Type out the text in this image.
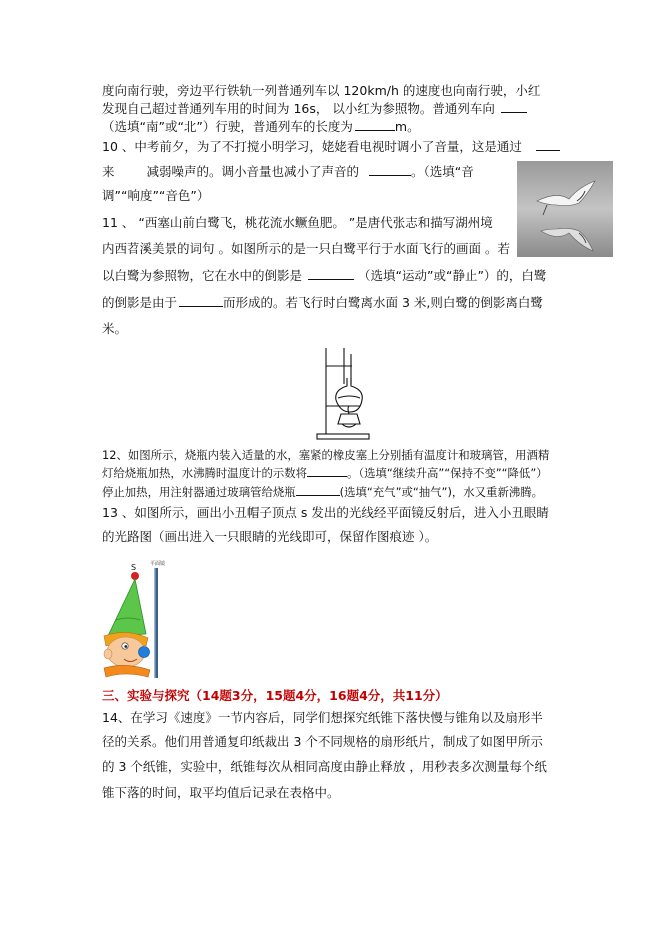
度向南行驶，旁边平行铁轨一列普通列车以 120km/h 的速度也向南行驶，小红
发现自己超过普通列车用的时间为 16s， 以小红为参照物。普通列车向
（选填“南”或“北”）行驶，普通列车的长度为	m。
10 、中考前夕，为了不打搅小明学习，姥姥看电视时调小了音量，这是通过
来	减弱噪声的。调小音量也减小了声音的	。（选填“音
调”“响度”“音色”）
11 、 “西塞山前白鹭飞，桃花流水鳜鱼肥。 ”是唐代张志和描写湖州境
内西苕溪美景的词句 。如图所示的是一只白鹭平行于水面飞行的画面 。若
以白鹭为参照物，它在水中的倒影是	（选填“运动”或“静止”）的，白鹭
的倒影是由于	而形成的。若飞行时白鹭离水面 3 米,则白鹭的倒影离白鹭
米。
12、如图所示，烧瓶内装入适量的水，塞紧的橡皮塞上分别插有温度计和玻璃管，用酒精
灯给烧瓶加热，水沸腾时温度计的示数将	。（选填“继续升高”“保持不变”“降低”）
停止加热，用注射器通过玻璃管给烧瓶	(选填“充气”或“抽气”)，水又重新沸腾。
13 、如图所示，画出小丑帽子顶点 s 发出的光线经平面镜反射后，进入小丑眼睛
的光路图（画出进入一只眼睛的光线即可，保留作图痕迹 ）。
S	平面镜
三、实验与探究（14题3分，15题4分，16题4分，共11分）
14、在学习《速度》一节内容后，同学们想探究纸锥下落快慢与锥角以及扇形半
径的关系。他们用普通复印纸裁出 3 个不同规格的扇形纸片，制成了如图甲所示
的 3 个纸锥，实验中，纸锥每次从相同高度由静止释放 ，用秒表多次测量每个纸
锥下落的时间，取平均值后记录在表格中。
